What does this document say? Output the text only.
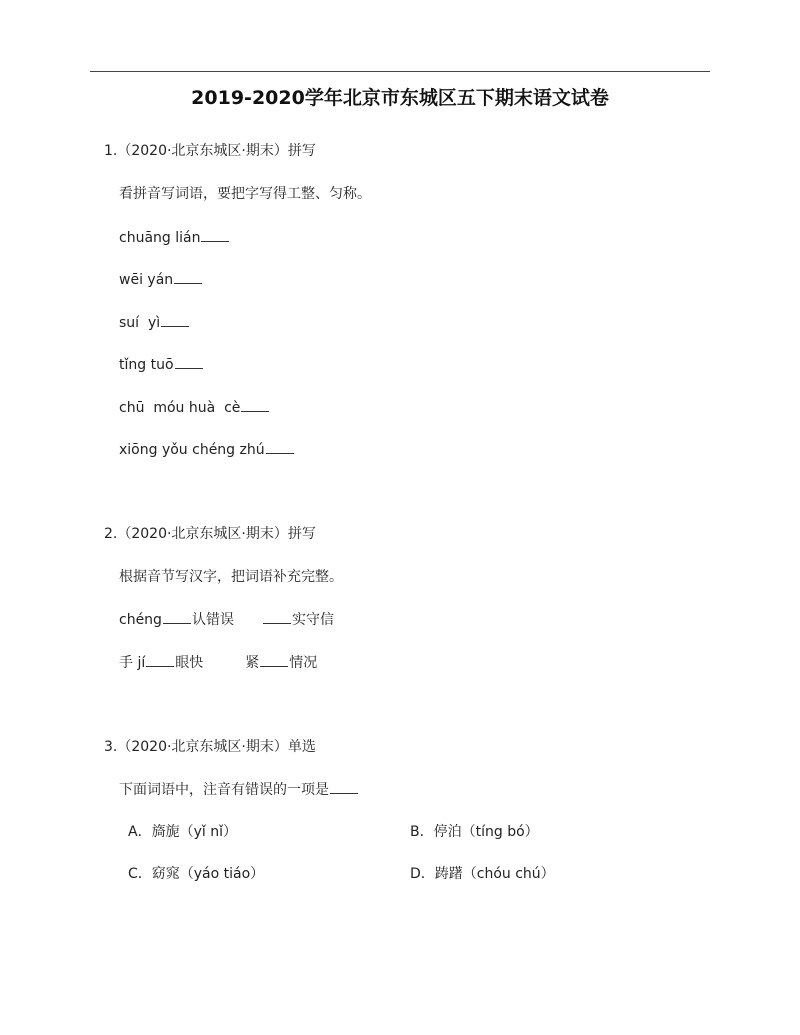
2019-2020学年北京市东城区五下期末语文试卷
1.（2020·北京东城区·期末）拼写
看拼音写词语，要把字写得工整、匀称。
chuāng lián
wēi yán
suí  yì
tǐng tuō
chū  móu huà  cè
xiōng yǒu chéng zhú
2.（2020·北京东城区·期末）拼写
根据音节写汉字，把词语补充完整。
chéng 认错误	实守信
手 jí 眼快	紧 情况
3.（2020·北京东城区·期末）单选
下面词语中，注音有错误的一项是
A．旖旎（yǐ nǐ）	B．停泊（tíng bó）
C．窈窕（yáo tiáo）	D．踌躇（chóu chú）
